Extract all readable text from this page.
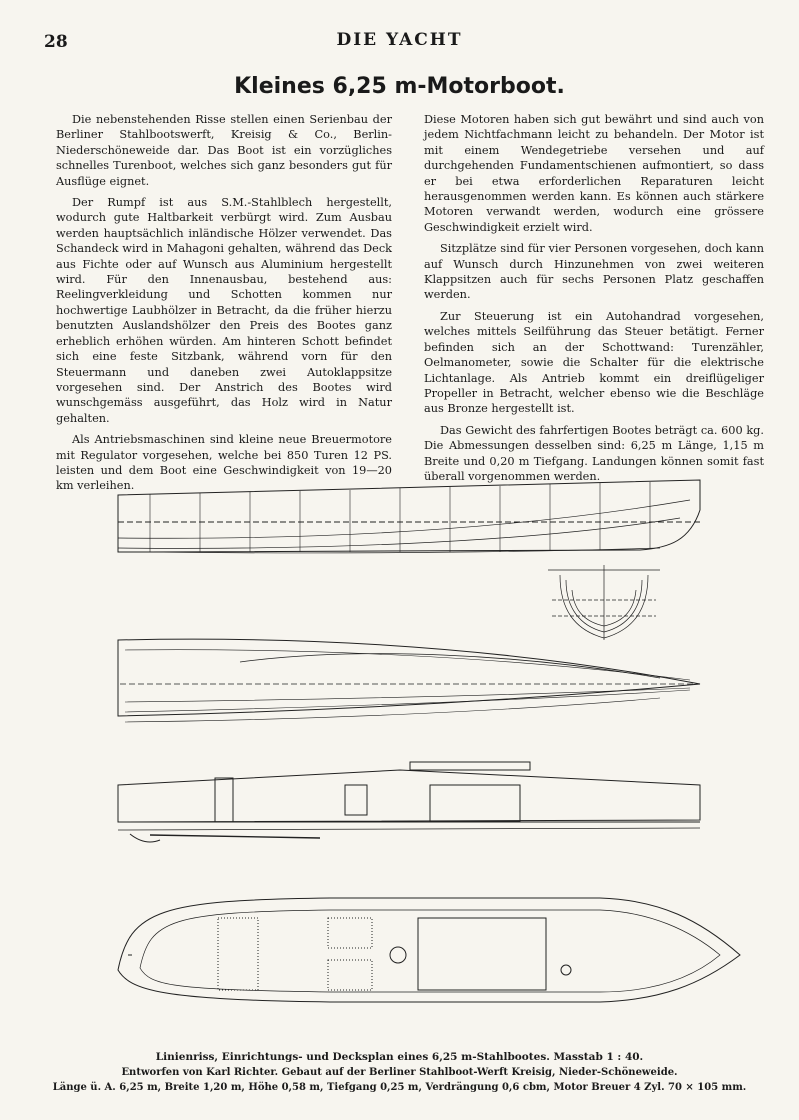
28	DIE YACHT
Kleines 6,25 m-Motorboot.

Die nebenstehenden Risse stellen einen Serienbau der Berliner Stahlbootswerft, Kreisig & Co., Berlin-Niederschöneweide dar. Das Boot ist ein vorzügliches schnelles Turenboot, welches sich ganz besonders gut für Ausflüge eignet.

Der Rumpf ist aus S.M.-Stahlblech hergestellt, wodurch gute Haltbarkeit verbürgt wird. Zum Ausbau werden hauptsächlich inländische Hölzer verwendet. Das Schandeck wird in Mahagoni gehalten, während das Deck aus Fichte oder auf Wunsch aus Aluminium hergestellt wird. Für den Innenausbau, bestehend aus: Reelingverkleidung und Schotten kommen nur hochwertige Laubhölzer in Betracht, da die früher hierzu benutzten Auslandshölzer den Preis des Bootes ganz erheblich erhöhen würden. Am hinteren Schott befindet sich eine feste Sitzbank, während vorn für den Steuermann und daneben zwei Autoklappsitze vorgesehen sind. Der Anstrich des Bootes wird wunschgemäss ausgeführt, das Holz wird in Natur gehalten.

Als Antriebsmaschinen sind kleine neue Breuermotore mit Regulator vorgesehen, welche bei 850 Turen 12 PS. leisten und dem Boot eine Geschwindigkeit von 19—20 km verleihen.

Diese Motoren haben sich gut bewährt und sind auch von jedem Nichtfachmann leicht zu behandeln. Der Motor ist mit einem Wendegetriebe versehen und auf durchgehenden Fundamentschienen aufmontiert, so dass er bei etwa erforderlichen Reparaturen leicht herausgenommen werden kann. Es können auch stärkere Motoren verwandt werden, wodurch eine grössere Geschwindigkeit erzielt wird.

Sitzplätze sind für vier Personen vorgesehen, doch kann auf Wunsch durch Hinzunehmen von zwei weiteren Klappsitzen auch für sechs Personen Platz geschaffen werden.

Zur Steuerung ist ein Autohandrad vorgesehen, welches mittels Seilführung das Steuer betätigt. Ferner befinden sich an der Schottwand: Turenzähler, Oelmanometer, sowie die Schalter für die elektrische Lichtanlage. Als Antrieb kommt ein dreiflügeliger Propeller in Betracht, welcher ebenso wie die Beschläge aus Bronze hergestellt ist.

Das Gewicht des fahrfertigen Bootes beträgt ca. 600 kg. Die Abmessungen desselben sind: 6,25 m Länge, 1,15 m Breite und 0,20 m Tiefgang. Landungen können somit fast überall vorgenommen werden.

Linienriss, Einrichtungs- und Decksplan eines 6,25 m-Stahlbootes. Masstab 1 : 40.
Entworfen von Karl Richter. Gebaut auf der Berliner Stahlboot-Werft Kreisig, Nieder-Schöneweide.
Länge ü. A. 6,25 m, Breite 1,20 m, Höhe 0,58 m, Tiefgang 0,25 m, Verdrängung 0,6 cbm, Motor Breuer 4 Zyl. 70 × 105 mm.
